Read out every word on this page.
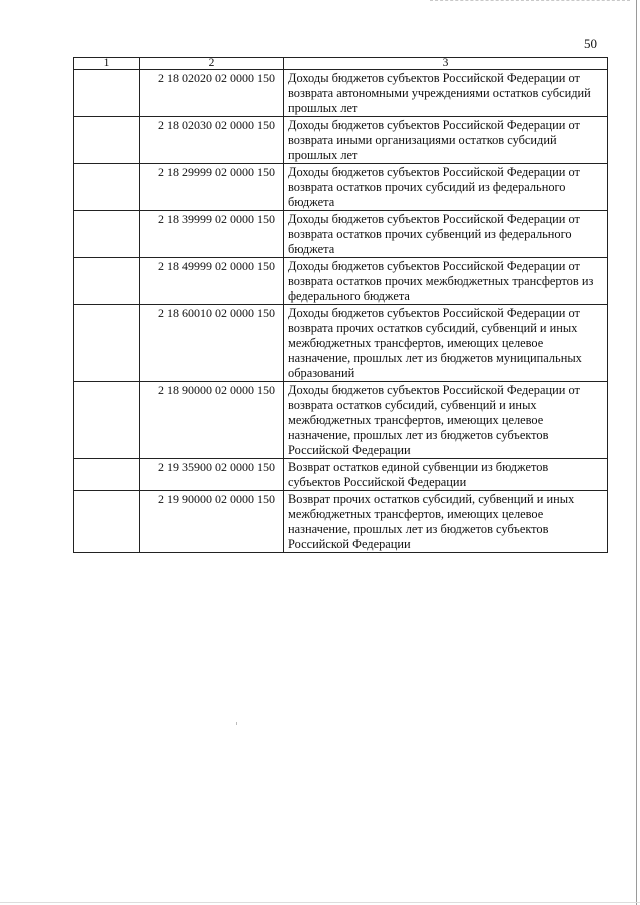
50
1	2	3
	2 18 02020 02 0000 150	Доходы бюджетов субъектов Российской Федерации от возврата автономными учреждениями остатков субсидий прошлых лет
	2 18 02030 02 0000 150	Доходы бюджетов субъектов Российской Федерации от возврата иными организациями остатков субсидий прошлых лет
	2 18 29999 02 0000 150	Доходы бюджетов субъектов Российской Федерации от возврата остатков прочих субсидий из федерального бюджета
	2 18 39999 02 0000 150	Доходы бюджетов субъектов Российской Федерации от возврата остатков прочих субвенций из федерального бюджета
	2 18 49999 02 0000 150	Доходы бюджетов субъектов Российской Федерации от возврата остатков прочих межбюджетных трансфертов из федерального бюджета
	2 18 60010 02 0000 150	Доходы бюджетов субъектов Российской Федерации от возврата прочих остатков субсидий, субвенций и иных межбюджетных трансфертов, имеющих целевое назначение, прошлых лет из бюджетов муниципальных образований
	2 18 90000 02 0000 150	Доходы бюджетов субъектов Российской Федерации от возврата остатков субсидий, субвенций и иных межбюджетных трансфертов, имеющих целевое назначение, прошлых лет из бюджетов субъектов Российской Федерации
	2 19 35900 02 0000 150	Возврат остатков единой субвенции из бюджетов субъектов Российской Федерации
	2 19 90000 02 0000 150	Возврат прочих остатков субсидий, субвенций и иных межбюджетных трансфертов, имеющих целевое назначение, прошлых лет из бюджетов субъектов Российской Федерации
